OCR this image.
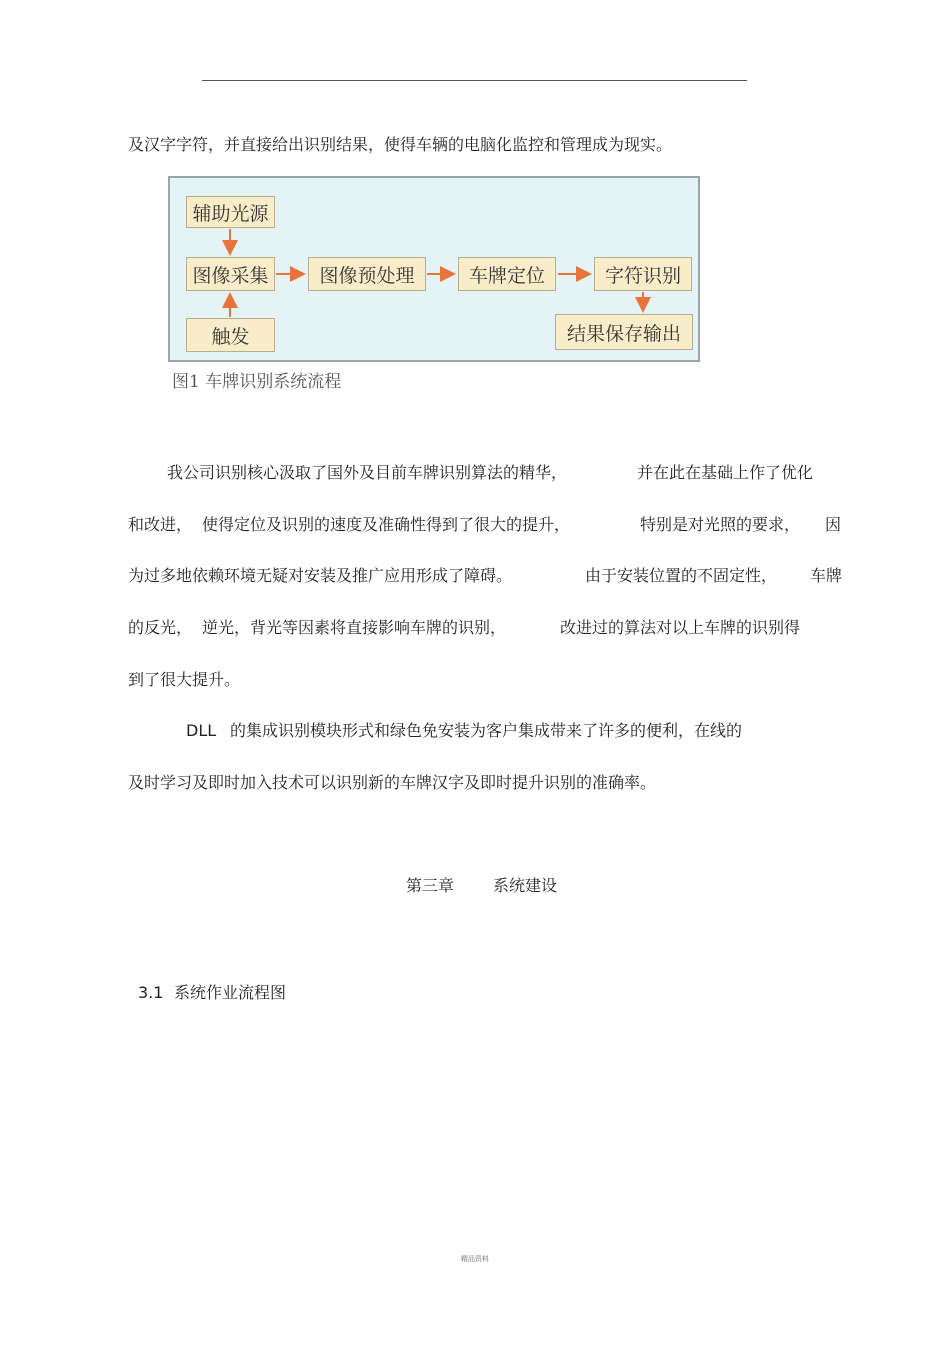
及汉字字符，并直接给出识别结果，使得车辆的电脑化监控和管理成为现实。
辅助光源
图像采集
触发
图像预处理	车牌定位	字符识别
结果保存输出
图1 车牌识别系统流程
我公司识别核心汲取了国外及目前车牌识别算法的精华，	并在此在基础上作了优化
和改进， 使得定位及识别的速度及准确性得到了很大的提升，	特别是对光照的要求， 因
为过多地依赖环境无疑对安装及推广应用形成了障碍。	由于安装位置的不固定性， 车牌
的反光， 逆光，背光等因素将直接影响车牌的识别，	改进过的算法对以上车牌的识别得
到了很大提升。
DLL 的集成识别模块形式和绿色免安装为客户集成带来了许多的便利，在线的
及时学习及即时加入技术可以识别新的车牌汉字及即时提升识别的准确率。
第三章 系统建设
3.1 系统作业流程图
精品资料
